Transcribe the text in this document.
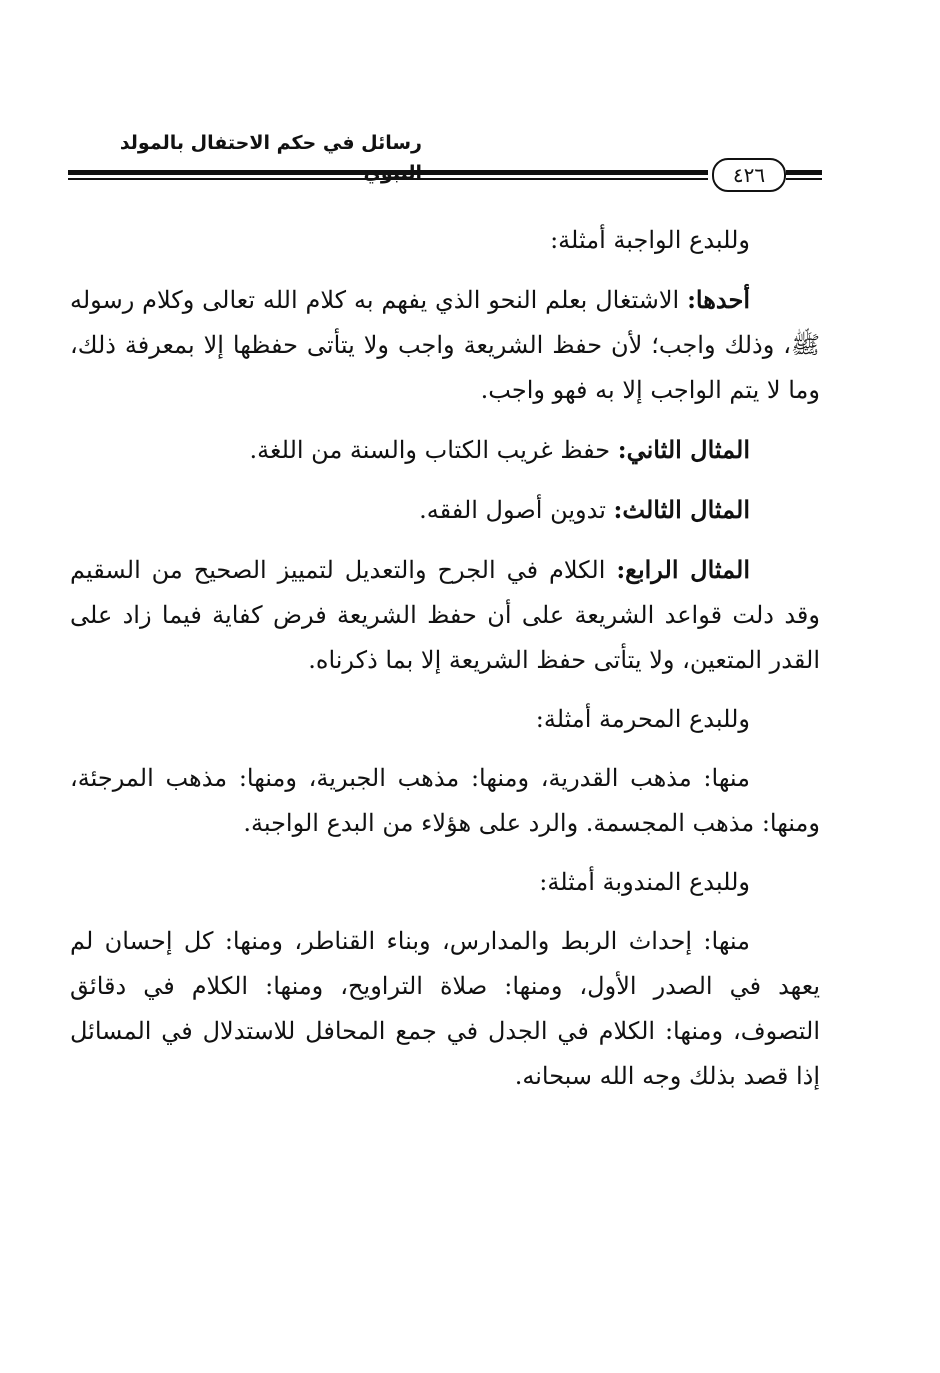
رسائل في حكم الاحتفال بالمولد
٤٢٦

وللبدع الواجبة أمثلة:

أحدها: الاشتغال بعلم النحو الذي يفهم به كلام الله تعالى وكلام رسوله ﷺ، وذلك واجب؛ لأن حفظ الشريعة واجب ولا يتأتى حفظها إلا بمعرفة ذلك، وما لا يتم الواجب إلا به فهو واجب.

المثال الثاني: حفظ غريب الكتاب والسنة من اللغة.

المثال الثالث: تدوين أصول الفقه.

المثال الرابع: الكلام في الجرح والتعديل لتمييز الصحيح من السقيم وقد دلت قواعد الشريعة على أن حفظ الشريعة فرض كفاية فيما زاد على القدر المتعين، ولا يتأتى حفظ الشريعة إلا بما ذكرناه.

وللبدع المحرمة أمثلة:

منها: مذهب القدرية، ومنها: مذهب الجبرية، ومنها: مذهب المرجئة، ومنها: مذهب المجسمة. والرد على هؤلاء من البدع الواجبة.

وللبدع المندوبة أمثلة:

منها: إحداث الربط والمدارس، وبناء القناطر، ومنها: كل إحسان لم يعهد في الصدر الأول، ومنها: صلاة التراويح، ومنها: الكلام في دقائق التصوف، ومنها: الكلام في الجدل في جمع المحافل للاستدلال في المسائل إذا قصد بذلك وجه الله سبحانه.
